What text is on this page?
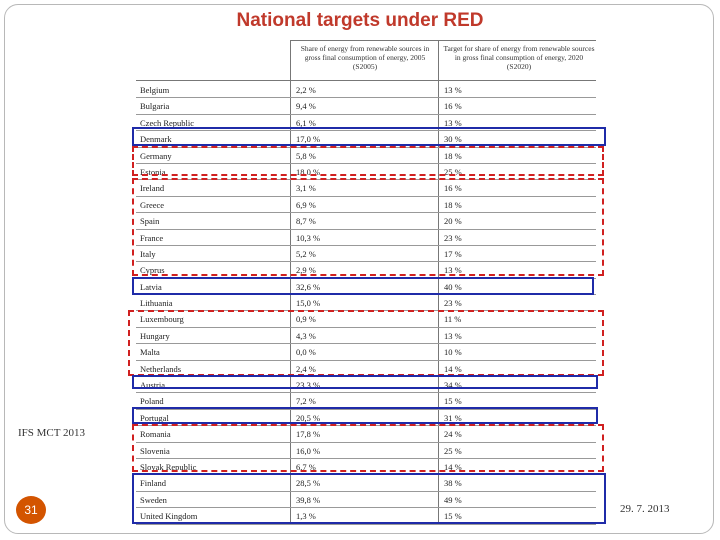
National targets under RED
Share of energy from renewable sources in gross final consumption of energy, 2005 (S2005)
Target for share of energy from renewable sources in gross final consumption of energy, 2020 (S2020)
Belgium	2,2 %	13 %
Bulgaria	9,4 %	16 %
Czech Republic	6,1 %	13 %
Denmark	17,0 %	30 %
Germany	5,8 %	18 %
Estonia	18,0 %	25 %
Ireland	3,1 %	16 %
Greece	6,9 %	18 %
Spain	8,7 %	20 %
France	10,3 %	23 %
Italy	5,2 %	17 %
Cyprus	2,9 %	13 %
Latvia	32,6 %	40 %
Lithuania	15,0 %	23 %
Luxembourg	0,9 %	11 %
Hungary	4,3 %	13 %
Malta	0,0 %	10 %
Netherlands	2,4 %	14 %
Austria	23,3 %	34 %
Poland	7,2 %	15 %
Portugal	20,5 %	31 %
Romania	17,8 %	24 %
Slovenia	16,0 %	25 %
Slovak Republic	6,7 %	14 %
Finland	28,5 %	38 %
Sweden	39,8 %	49 %
United Kingdom	1,3 %	15 %
IFS MCT 2013
31	29. 7. 2013
